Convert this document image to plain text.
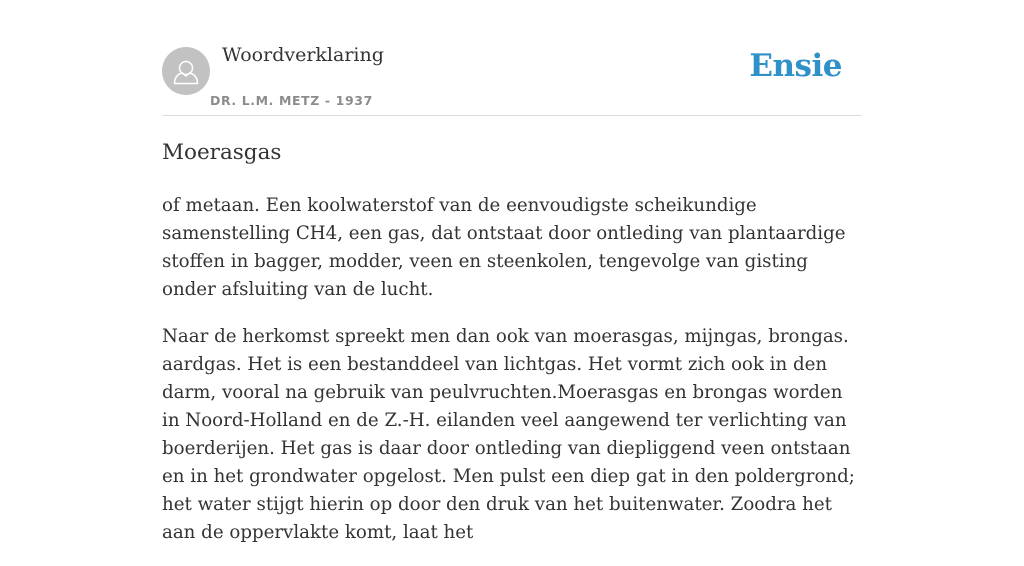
Woordverklaring
DR. L.M. METZ - 1937
Ensie
Moerasgas

of metaan. Een koolwaterstof van de eenvoudigste scheikundige samenstelling CH4, een gas, dat ontstaat door ontleding van plantaardige stoffen in bagger, modder, veen en steenkolen, tengevolge van gisting onder afsluiting van de lucht.

Naar de herkomst spreekt men dan ook van moerasgas, mijngas, brongas. aardgas. Het is een bestanddeel van lichtgas. Het vormt zich ook in den darm, vooral na gebruik van peulvruchten.Moerasgas en brongas worden in Noord-Holland en de Z.-H. eilanden veel aangewend ter verlichting van boerderijen. Het gas is daar door ontleding van diepliggend veen ontstaan en in het grondwater opgelost. Men pulst een diep gat in den poldergrond; het water stijgt hierin op door den druk van het buitenwater. Zoodra het aan de oppervlakte komt, laat het
